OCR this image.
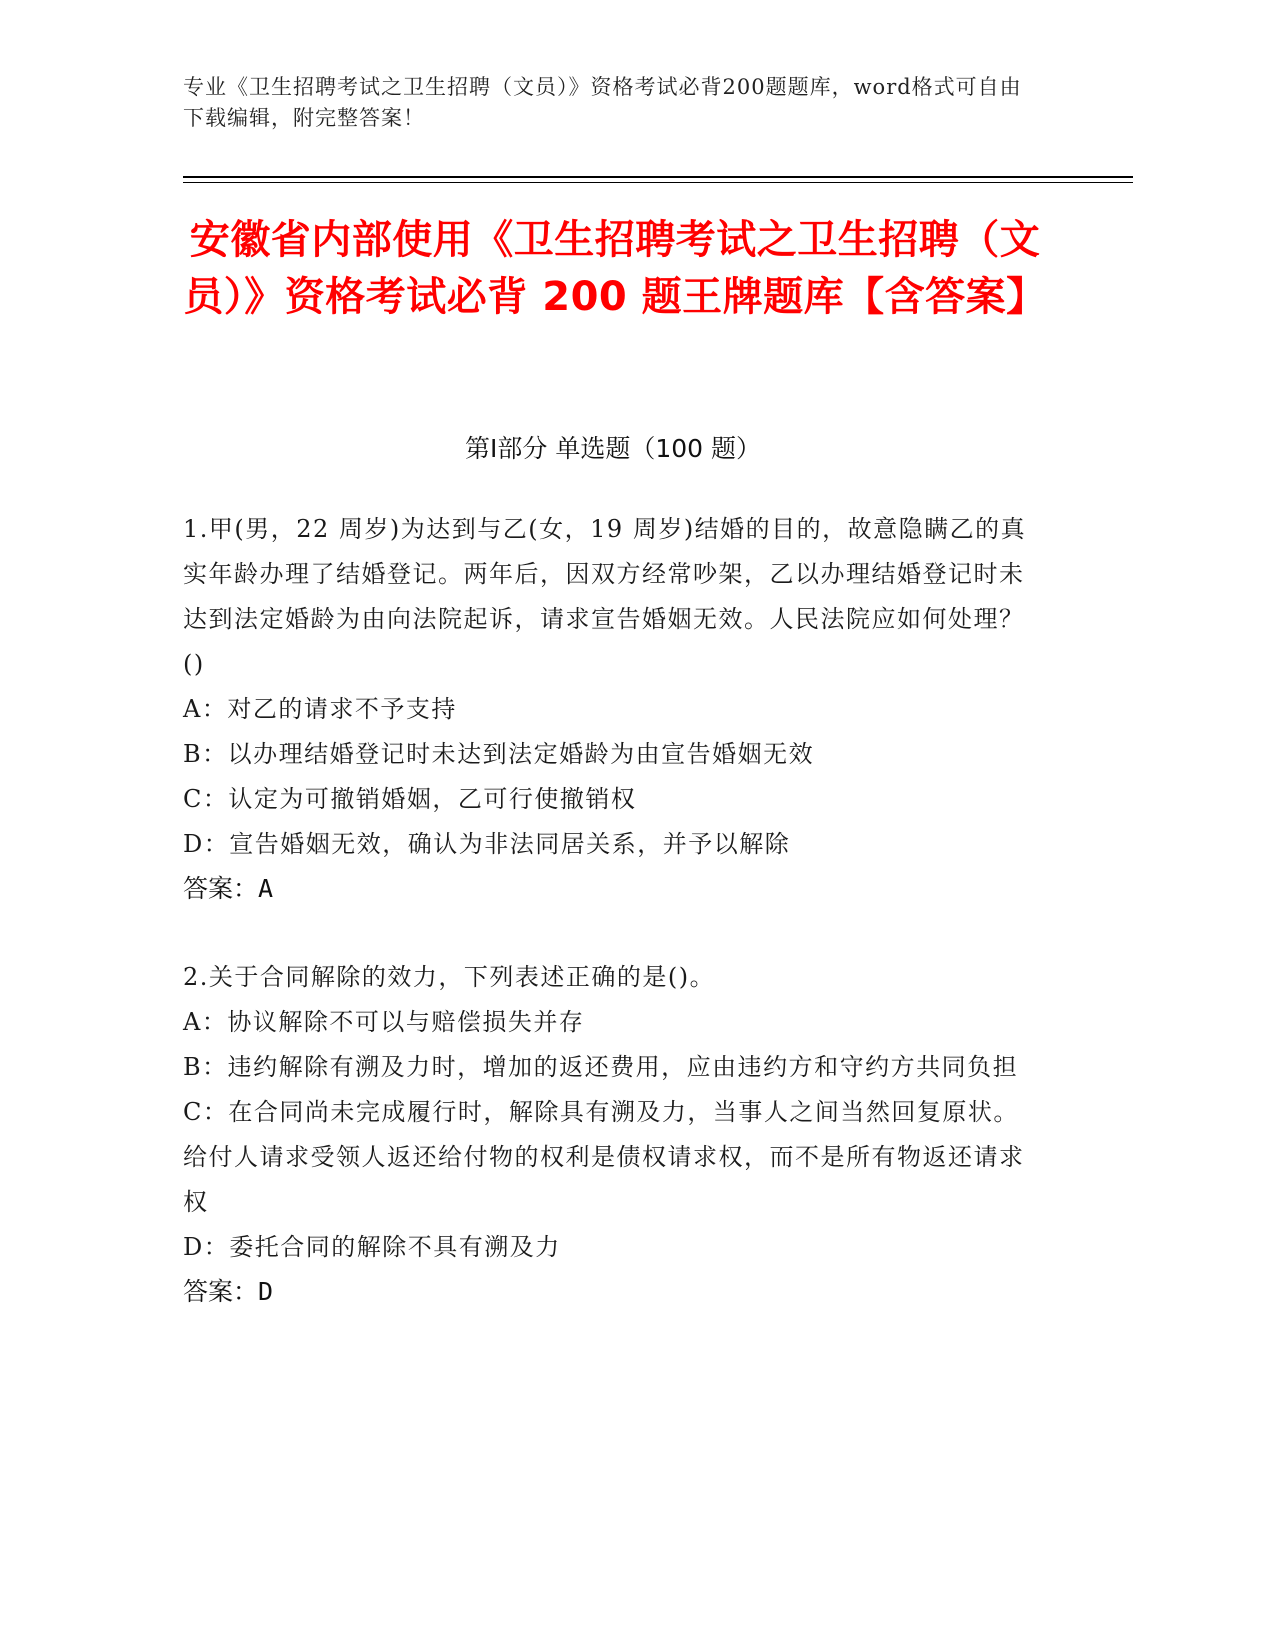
专业《卫生招聘考试之卫生招聘（文员）》资格考试必背200题题库，word格式可自由下载编辑，附完整答案！
安徽省内部使用《卫生招聘考试之卫生招聘（文员）》资格考试必背 200 题王牌题库【含答案】
第Ⅰ部分 单选题（100 题）
1.甲(男，22 周岁)为达到与乙(女，19 周岁)结婚的目的，故意隐瞒乙的真实年龄办理了结婚登记。两年后，因双方经常吵架，乙以办理结婚登记时未达到法定婚龄为由向法院起诉，请求宣告婚姻无效。人民法院应如何处理？()
A：对乙的请求不予支持
B：以办理结婚登记时未达到法定婚龄为由宣告婚姻无效
C：认定为可撤销婚姻，乙可行使撤销权
D：宣告婚姻无效，确认为非法同居关系，并予以解除
答案：A
2.关于合同解除的效力，下列表述正确的是()。
A：协议解除不可以与赔偿损失并存
B：违约解除有溯及力时，增加的返还费用，应由违约方和守约方共同负担
C：在合同尚未完成履行时，解除具有溯及力，当事人之间当然回复原状。给付人请求受领人返还给付物的权利是债权请求权，而不是所有物返还请求权
D：委托合同的解除不具有溯及力
答案：D
